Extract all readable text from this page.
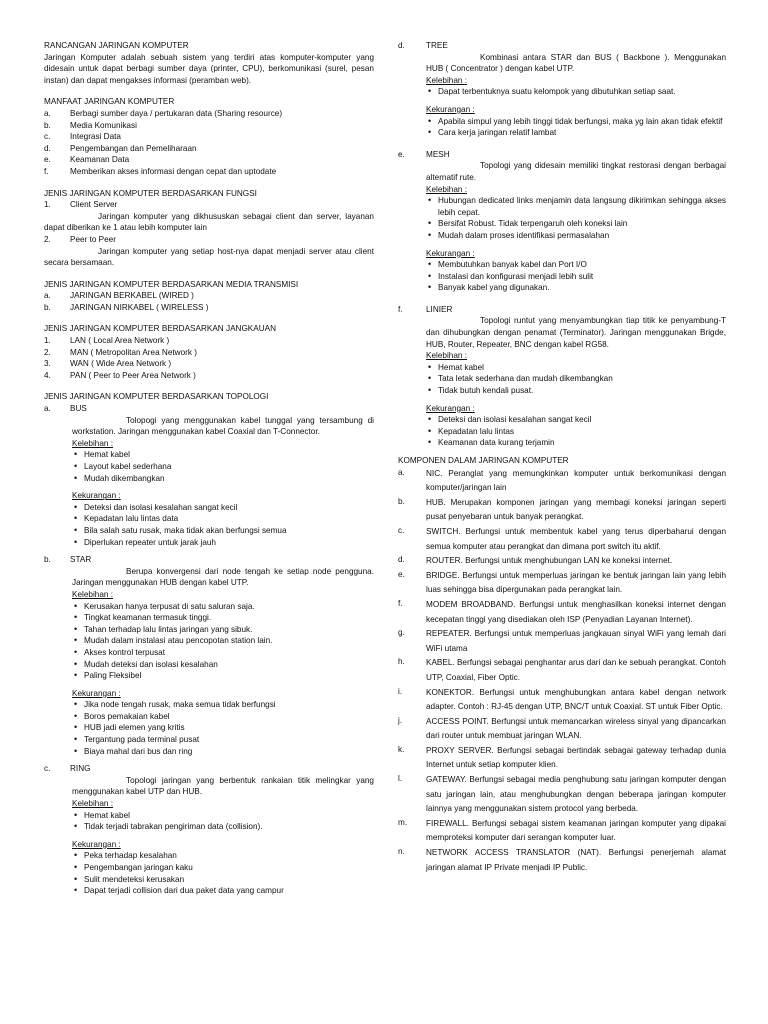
RANCANGAN JARINGAN KOMPUTER

Jaringan Komputer adalah sebuah sistem yang terdiri atas komputer-komputer yang didesain untuk dapat berbagi sumber daya (printer, CPU), berkomunikasi (surel, pesan instan) dan dapat mengakses informasi (peramban web).

MANFAAT JARINGAN KOMPUTER

a.	Berbagi sumber daya / pertukaran data (Sharing resource)
b.	Media Komunikasi
c.	Integrasi Data
d.	Pengembangan dan Pemeliharaan
e.	Keamanan Data
f.	Memberikan akses informasi dengan cepat dan uptodate

JENIS JARINGAN KOMPUTER BERDASARKAN FUNGSI

1.	Client Server

Jaringan komputer yang dikhususkan sebagai client dan server, layanan dapat diberikan ke 1 atau lebih komputer lain

2.	Peer to Peer

Jaringan komputer yang setiap host-nya dapat menjadi server atau client secara bersamaan.

JENIS JARINGAN KOMPUTER BERDASARKAN MEDIA TRANSMISI

a.	JARINGAN BERKABEL (WIRED )
b.	JARINGAN NIRKABEL ( WIRELESS )

JENIS JARINGAN KOMPUTER BERDASARKAN JANGKAUAN

1.	LAN ( Local Area Network )
2.	MAN ( Metropolitan Area Network )
3.	WAN ( Wide Area Network )
4.	PAN ( Peer to Peer Area Network )

JENIS JARINGAN KOMPUTER BERDASARKAN TOPOLOGI

a.	BUS

Tolopogi yang menggunakan kabel tunggal yang tersambung di workstation. Jaringan menggunakan kabel Coaxial dan T-Connector.

Kelebihan :

• Hemat kabel
• Layout kabel sederhana
• Mudah dikembangkan

Kekurangan :

• Deteksi dan isolasi kesalahan sangat kecil
• Kepadatan lalu lintas data
• Bila salah satu rusak, maka tidak akan berfungsi semua
• Diperlukan repeater untuk jarak jauh
b.	STAR

Berupa konvergensi dari node tengah ke setiap node pengguna. Jaringan menggunakan HUB dengan kabel UTP.

Kelebihan :

• Kerusakan hanya terpusat di satu saluran saja.
• Tingkat keamanan termasuk tinggi.
• Tahan terhadap lalu lintas jaringan yang sibuk.
• Mudah dalam instalasi atau pencopotan station lain.
• Akses kontrol terpusat
• Mudah deteksi dan isolasi kesalahan
• Paling Fleksibel

Kekurangan :

• Jika node tengah rusak, maka semua tidak berfungsi
• Boros pemakaian kabel
• HUB jadi elemen yang kritis
• Tergantung pada terminal pusat
• Biaya mahal dari bus dan ring
c.	RING

Topologi jaringan yang berbentuk rankaian titik melingkar yang menggunakan kabel UTP dan HUB.

Kelebihan :

• Hemat kabel
• Tidak terjadi tabrakan pengiriman data (collision).

Kekurangan :

• Peka terhadap kesalahan
• Pengembangan jaringan kaku
• Sulit mendeteksi kerusakan
• Dapat terjadi collision dari dua paket data yang campur
d.	TREE

Kombinasi antara STAR dan BUS ( Backbone ). Menggunakan HUB ( Concentrator ) dengan kabel UTP.

Kelebihan :

• Dapat terbentuknya suatu kelompok yang dibutuhkan setiap saat.

Kekurangan :

• Apabila simpul yang lebih tinggi tidak berfungsi, maka yg lain akan tidak efektif
• Cara kerja jaringan relatif lambat
e.	MESH

Topologi yang didesain memiliki tingkat restorasi dengan berbagai alternatif rute.

Kelebihan :

• Hubungan dedicated links menjamin data langsung dikirimkan sehingga akses lebih cepat.
• Bersifat Robust. Tidak terpengaruh oleh koneksi lain
• Mudah dalam proses identifikasi permasalahan

Kekurangan :

• Membutuhkan banyak kabel dan Port I/O
• Instalasi dan konfigurasi menjadi lebih sulit
• Banyak kabel yang digunakan.
f.	LINIER

Topologi runtut yang menyambungkan tiap titik ke penyambung-T dan dihubungkan dengan penamat (Terminator). Jaringan menggunakan Brigde, HUB, Router, Repeater, BNC dengan kabel RG58.

Kelebihan :

• Hemat kabel
• Tata letak sederhana dan mudah dikembangkan
• Tidak butuh kendali pusat.

Kekurangan :

• Deteksi dan isolasi kesalahan sangat kecil
• Kepadatan lalu lintas
• Keamanan data kurang terjamin

KOMPONEN DALAM JARINGAN KOMPUTER

a.	NIC. Peranglat yang memungkinkan komputer untuk berkomunikasi dengan komputer/jaringan lain
b.	HUB. Merupakan komponen jaringan yang membagi koneksi jaringan seperti pusat penyebaran untuk banyak perangkat.
c.	SWITCH. Berfungsi untuk membentuk kabel yang terus diperbaharui dengan semua komputer atau perangkat dan dimana port switch itu aktif.
d.	ROUTER. Berfungsi untuk menghubungan LAN ke koneksi internet.
e.	BRIDGE. Berfungsi untuk memperluas jaringan ke bentuk jaringan lain yang lebih luas sehingga bisa dipergunakan pada perangkat lain.
f.	MODEM BROADBAND. Berfungsi untuk menghasilkan koneksi internet dengan kecepatan tinggi yang disediakan oleh ISP (Penyadian Layanan Internet).
g.	REPEATER. Berfungsi untuk memperluas jangkauan sinyal WiFi yang lemah dari WiFi utama
h.	KABEL. Berfungsi sebagai penghantar arus dari dan ke sebuah perangkat. Contoh UTP, Coaxial, Fiber Optic.
i.	KONEKTOR. Berfungsi untuk menghubungkan antara kabel dengan network adapter. Contoh : RJ-45 dengan UTP, BNC/T untuk Coaxial. ST untuk Fiber Optic.
j.	ACCESS POINT. Berfungsi untuk memancarkan wireless sinyal yang dipancarkan dari router untuk membuat jaringan WLAN.
k.	PROXY SERVER. Berfungsi sebagai bertindak sebagai gateway terhadap dunia Internet untuk setiap komputer klien.
l.	GATEWAY. Berfungsi sebagai media penghubung satu jaringan komputer dengan satu jaringan lain, atau menghubungkan dengan beberapa jaringan komputer lainnya yang menggunakan sistem protocol yang berbeda.
m.	FIREWALL. Berfungsi sebagai sistem keamanan jaringan komputer yang dipakai memproteksi komputer dari serangan komputer luar.
n.	NETWORK ACCESS TRANSLATOR (NAT). Berfungsi penerjemah alamat jaringan alamat IP Private menjadi IP Public.
